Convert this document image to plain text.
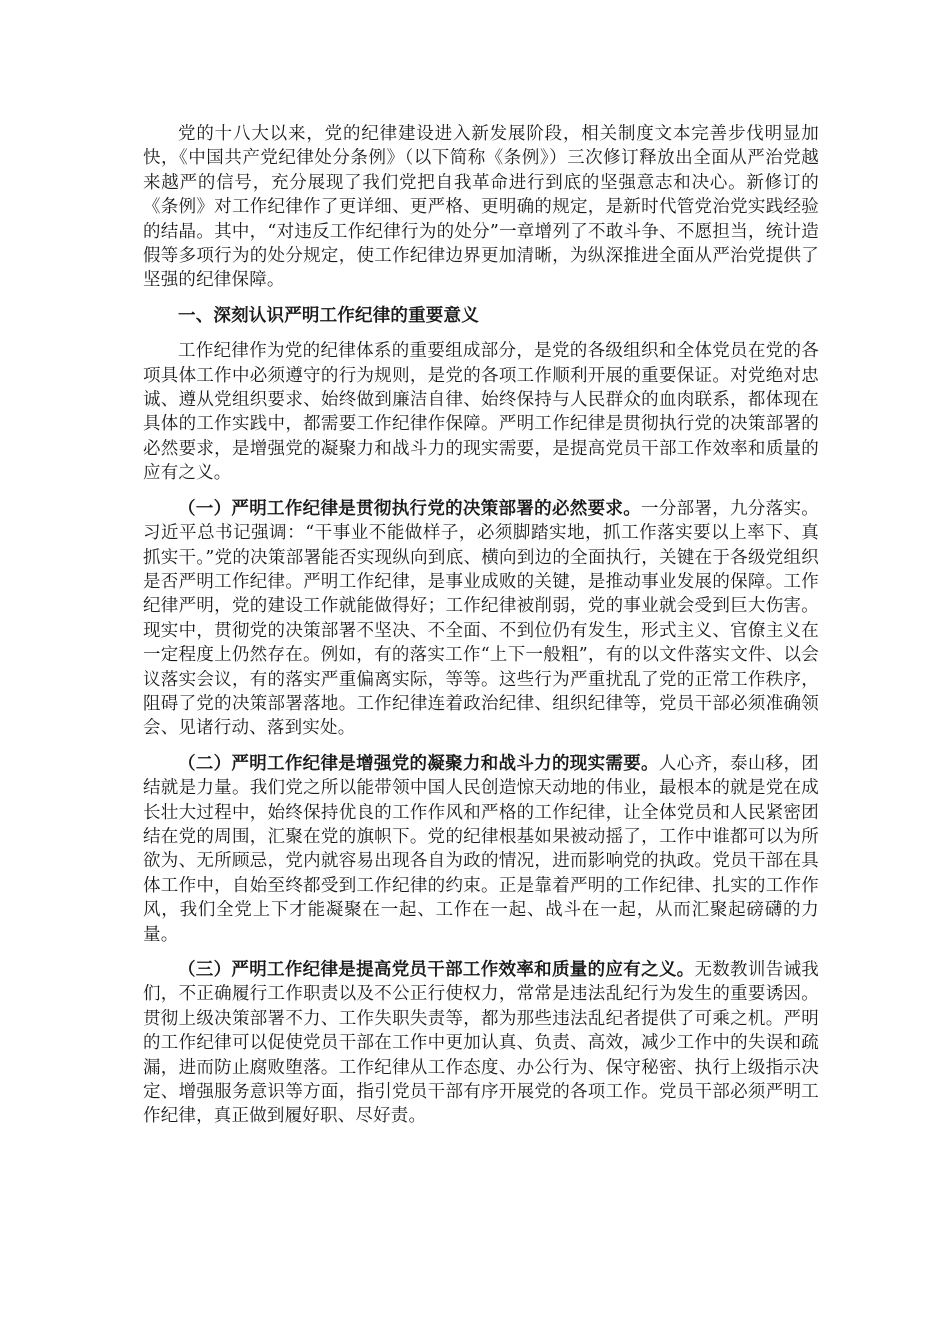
党的十八大以来，党的纪律建设进入新发展阶段，相关制度文本完善步伐明显加快，《中国共产党纪律处分条例》（以下简称《条例》）三次修订释放出全面从严治党越来越严的信号，充分展现了我们党把自我革命进行到底的坚强意志和决心。新修订的《条例》对工作纪律作了更详细、更严格、更明确的规定，是新时代管党治党实践经验的结晶。其中，“对违反工作纪律行为的处分”一章增列了不敢斗争、不愿担当，统计造假等多项行为的处分规定，使工作纪律边界更加清晰，为纵深推进全面从严治党提供了坚强的纪律保障。

一、深刻认识严明工作纪律的重要意义

工作纪律作为党的纪律体系的重要组成部分，是党的各级组织和全体党员在党的各项具体工作中必须遵守的行为规则，是党的各项工作顺利开展的重要保证。对党绝对忠诚、遵从党组织要求、始终做到廉洁自律、始终保持与人民群众的血肉联系，都体现在具体的工作实践中，都需要工作纪律作保障。严明工作纪律是贯彻执行党的决策部署的必然要求，是增强党的凝聚力和战斗力的现实需要，是提高党员干部工作效率和质量的应有之义。

（一）严明工作纪律是贯彻执行党的决策部署的必然要求。一分部署，九分落实。习近平总书记强调：“干事业不能做样子，必须脚踏实地，抓工作落实要以上率下、真抓实干。”党的决策部署能否实现纵向到底、横向到边的全面执行，关键在于各级党组织是否严明工作纪律。严明工作纪律，是事业成败的关键，是推动事业发展的保障。工作纪律严明，党的建设工作就能做得好；工作纪律被削弱，党的事业就会受到巨大伤害。现实中，贯彻党的决策部署不坚决、不全面、不到位仍有发生，形式主义、官僚主义在一定程度上仍然存在。例如，有的落实工作“上下一般粗”，有的以文件落实文件、以会议落实会议，有的落实严重偏离实际，等等。这些行为严重扰乱了党的正常工作秩序，阻碍了党的决策部署落地。工作纪律连着政治纪律、组织纪律等，党员干部必须准确领会、见诸行动、落到实处。

（二）严明工作纪律是增强党的凝聚力和战斗力的现实需要。人心齐，泰山移，团结就是力量。我们党之所以能带领中国人民创造惊天动地的伟业，最根本的就是党在成长壮大过程中，始终保持优良的工作作风和严格的工作纪律，让全体党员和人民紧密团结在党的周围，汇聚在党的旗帜下。党的纪律根基如果被动摇了，工作中谁都可以为所欲为、无所顾忌，党内就容易出现各自为政的情况，进而影响党的执政。党员干部在具体工作中，自始至终都受到工作纪律的约束。正是靠着严明的工作纪律、扎实的工作作风，我们全党上下才能凝聚在一起、工作在一起、战斗在一起，从而汇聚起磅礴的力量。

（三）严明工作纪律是提高党员干部工作效率和质量的应有之义。无数教训告诫我们，不正确履行工作职责以及不公正行使权力，常常是违法乱纪行为发生的重要诱因。贯彻上级决策部署不力、工作失职失责等，都为那些违法乱纪者提供了可乘之机。严明的工作纪律可以促使党员干部在工作中更加认真、负责、高效，减少工作中的失误和疏漏，进而防止腐败堕落。工作纪律从工作态度、办公行为、保守秘密、执行上级指示决定、增强服务意识等方面，指引党员干部有序开展党的各项工作。党员干部必须严明工作纪律，真正做到履好职、尽好责。
